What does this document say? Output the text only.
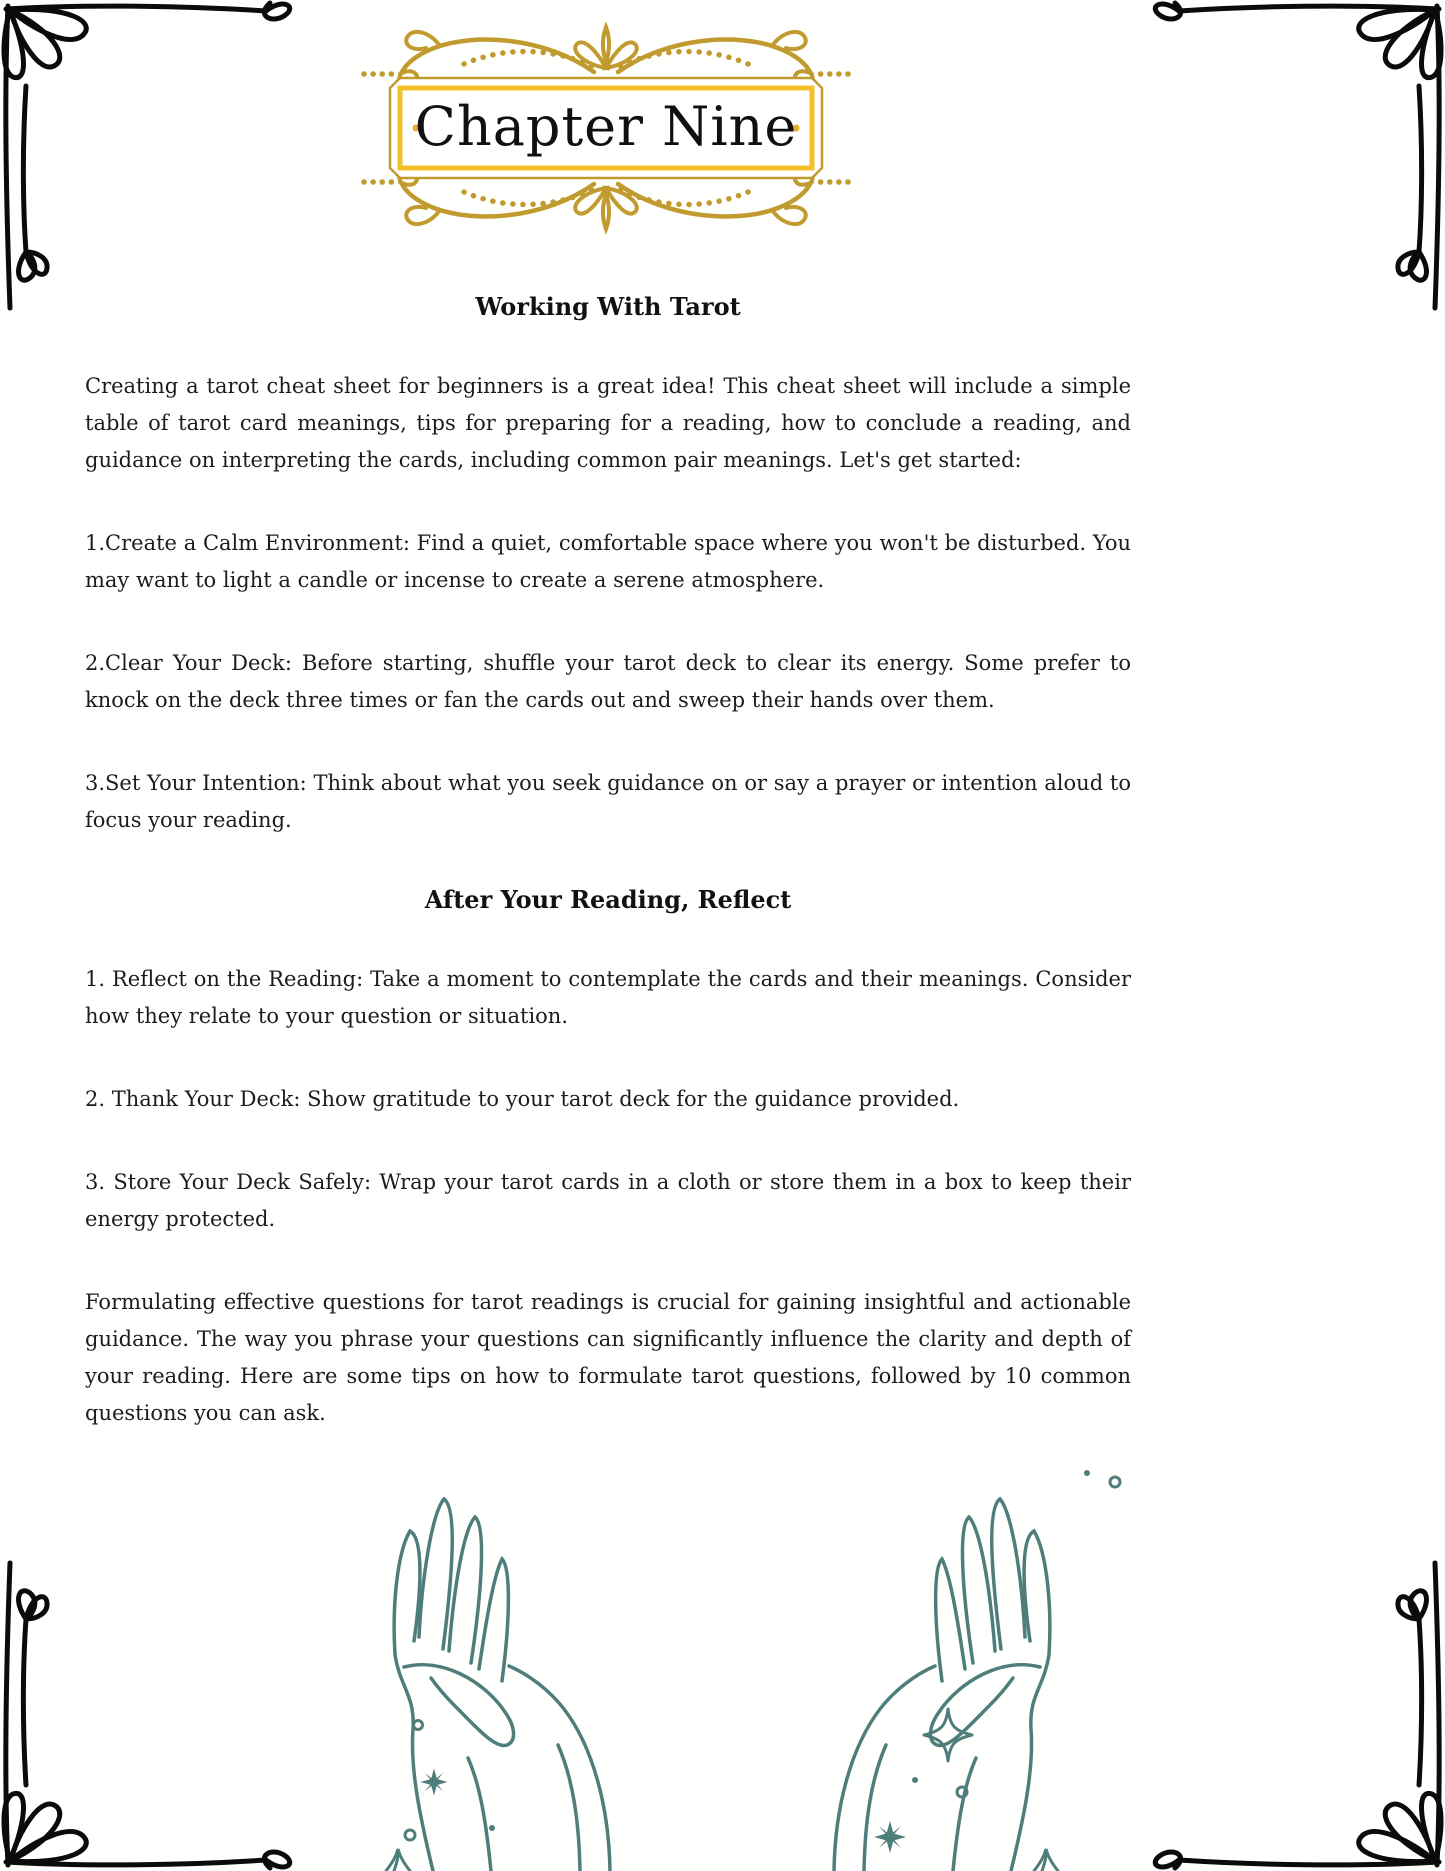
Chapter Nine
Working With Tarot

Creating a tarot cheat sheet for beginners is a great idea! This cheat sheet will include a simple table of tarot card meanings, tips for preparing for a reading, how to conclude a reading, and guidance on interpreting the cards, including common pair meanings. Let's get started:

1.Create a Calm Environment: Find a quiet, comfortable space where you won't be disturbed. You may want to light a candle or incense to create a serene atmosphere.

2.Clear Your Deck: Before starting, shuffle your tarot deck to clear its energy. Some prefer to knock on the deck three times or fan the cards out and sweep their hands over them.

3.Set Your Intention: Think about what you seek guidance on or say a prayer or intention aloud to focus your reading.

After Your Reading, Reflect

1. Reflect on the Reading: Take a moment to contemplate the cards and their meanings. Consider how they relate to your question or situation.

2. Thank Your Deck: Show gratitude to your tarot deck for the guidance provided.

3. Store Your Deck Safely: Wrap your tarot cards in a cloth or store them in a box to keep their energy protected.

Formulating effective questions for tarot readings is crucial for gaining insightful and actionable guidance. The way you phrase your questions can significantly influence the clarity and depth of your reading. Here are some tips on how to formulate tarot questions, followed by 10 common questions you can ask.
